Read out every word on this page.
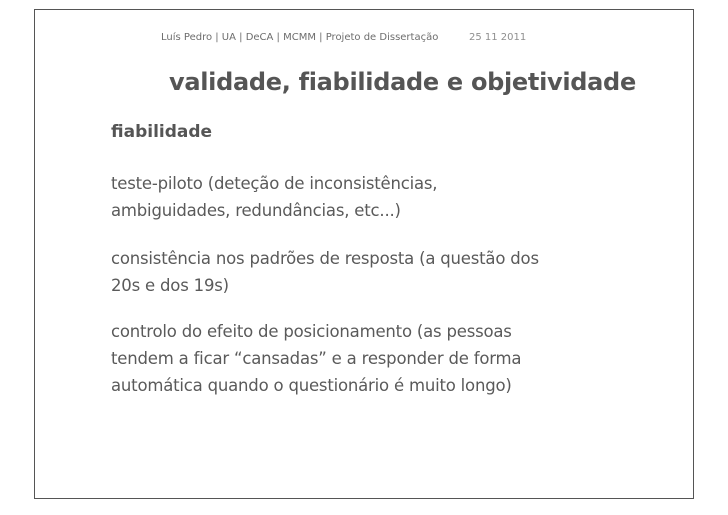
Luís Pedro | UA | DeCA | MCMM | Projeto de Dissertação	25 11 2011
validade, fiabilidade e objetividade
fiabilidade
teste-piloto (deteção de inconsistências,
ambiguidades, redundâncias, etc...)
consistência nos padrões de resposta (a questão dos
20s e dos 19s)
controlo do efeito de posicionamento (as pessoas
tendem a ficar “cansadas” e a responder de forma
automática quando o questionário é muito longo)
